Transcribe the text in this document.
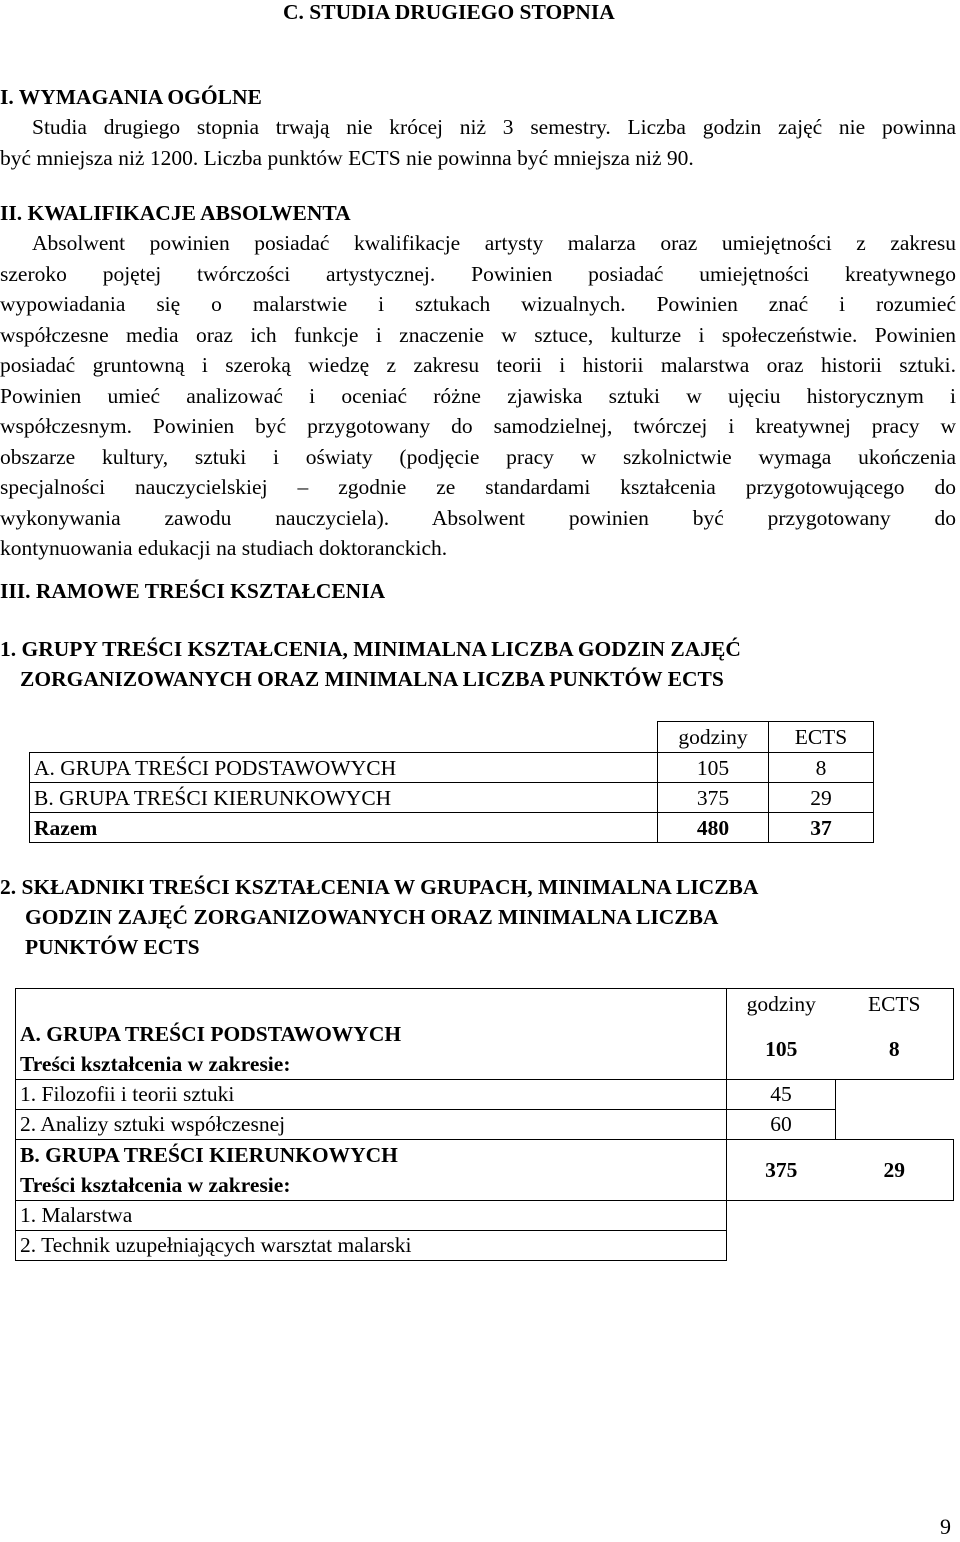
C. STUDIA DRUGIEGO STOPNIA
I. WYMAGANIA OGÓLNE
Studia drugiego stopnia trwają nie krócej niż 3 semestry. Liczba godzin zajęć nie powinna
być mniejsza niż 1200. Liczba punktów ECTS nie powinna być mniejsza niż 90.
II. KWALIFIKACJE ABSOLWENTA
Absolwent powinien posiadać kwalifikacje artysty malarza oraz umiejętności z zakresu
szeroko pojętej twórczości artystycznej. Powinien posiadać umiejętności kreatywnego
wypowiadania się o malarstwie i sztukach wizualnych. Powinien znać i rozumieć
współczesne media oraz ich funkcje i znaczenie w sztuce, kulturze i społeczeństwie. Powinien
posiadać gruntowną i szeroką wiedzę z zakresu teorii i historii malarstwa oraz historii sztuki.
Powinien umieć analizować i oceniać różne zjawiska sztuki w ujęciu historycznym i
współczesnym. Powinien być przygotowany do samodzielnej, twórczej i kreatywnej pracy w
obszarze kultury, sztuki i oświaty (podjęcie pracy w szkolnictwie wymaga ukończenia
specjalności nauczycielskiej – zgodnie ze standardami kształcenia przygotowującego do
wykonywania zawodu nauczyciela). Absolwent powinien być przygotowany do
kontynuowania edukacji na studiach doktoranckich.
III. RAMOWE TREŚCI KSZTAŁCENIA
1. GRUPY TREŚCI KSZTAŁCENIA, MINIMALNA LICZBA GODZIN ZAJĘĆ
ZORGANIZOWANYCH ORAZ MINIMALNA LICZBA PUNKTÓW ECTS
	godziny	ECTS
A. GRUPA TREŚCI PODSTAWOWYCH	105	8
B. GRUPA TREŚCI KIERUNKOWYCH	375	29
Razem	480	37
2. SKŁADNIKI TREŚCI KSZTAŁCENIA W GRUPACH, MINIMALNA LICZBA
GODZIN ZAJĘĆ ZORGANIZOWANYCH ORAZ MINIMALNA LICZBA
PUNKTÓW ECTS
	godziny	ECTS

A. GRUPA TREŚCI PODSTAWOWYCH
Treści kształcenia w zakresie:	105	8
1. Filozofii i teorii sztuki	45	
2. Analizy sztuki współczesnej	60	

B. GRUPA TREŚCI KIERUNKOWYCH
Treści kształcenia w zakresie:	375	29
1. Malarstwa		
2. Technik uzupełniających warsztat malarski		
9
